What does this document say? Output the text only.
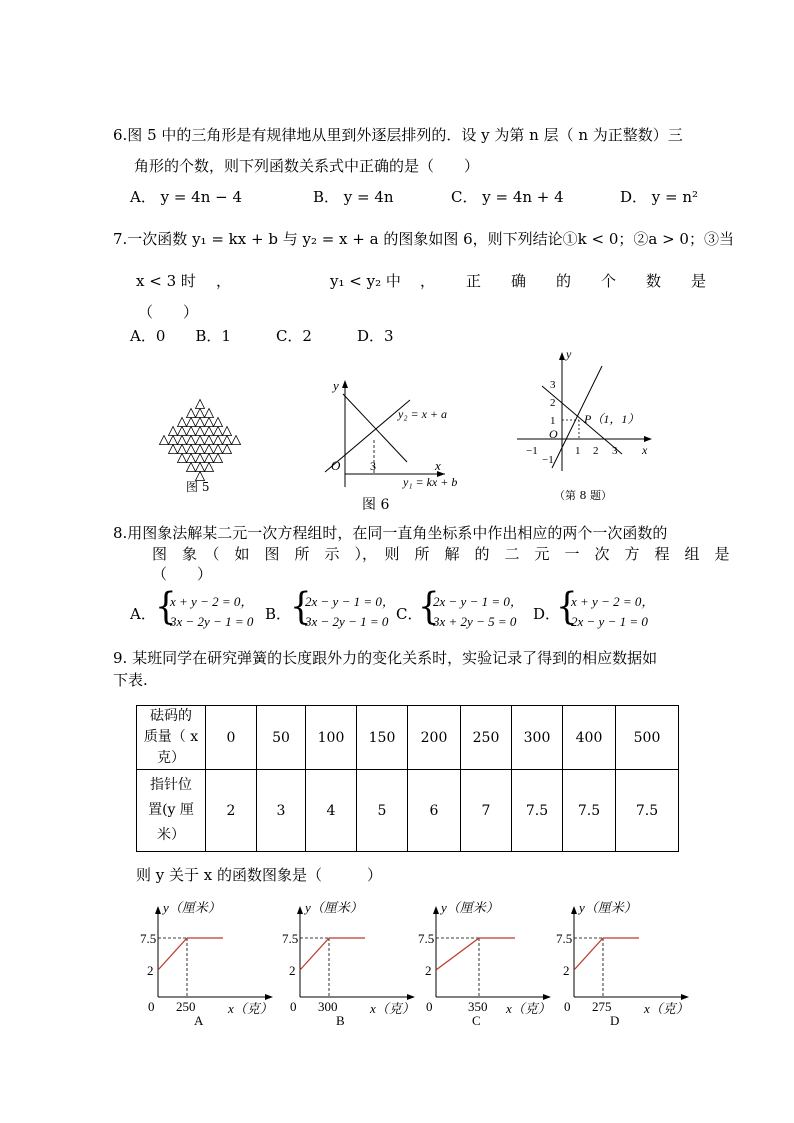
6.图 5 中的三角形是有规律地从里到外逐层排列的．设 y 为第 n 层（ n 为正整数）三
角形的个数，则下列函数关系式中正确的是（　　）
A． y = 4n − 4	B． y = 4n	C． y = 4n + 4	D． y = n²
7.一次函数 y₁ = kx + b 与 y₂ = x + a 的图象如图 6，则下列结论①k < 0；②a > 0；③当
x < 3 时 ，	y₁ < y₂ 中 ， 正　　确　　的　　个　　数　　是
（　　）
A．0　　B．1　　　C．2　　　D．3
图 5
y
x
O 3
y₂ = x + a
y₁ = kx + b
图 6
y
x
O
P（1，1）
−1	1 2 3
3
2
1
−1
（第 8 题）
8.用图象法解某二元一次方程组时，在同一直角坐标系中作出相应的两个一次函数的
图　象　（　如　图　所　示　），　则　所　解　的　二　元　一　次　方　程　组　是
（　　）
A． {
x + y − 2 = 0，
3x − 2y − 1 = 0 B．
{
2x − y − 1 = 0，
3x − 2y − 1 = 0 C．
{
2x − y − 1 = 0，
3x + 2y − 5 = 0	D．
{
x + y − 2 = 0，
2x − y − 1 = 0
9. 某班同学在研究弹簧的长度跟外力的变化关系时，实验记录了得到的相应数据如
下表.
砝码的
质量（ x
克）	0	50	100	150	200	250	300	400	500

指针位
置(y 厘
米）	2	3	4	5	6	7	7.5	7.5	7.5
则 y 关于 x 的函数图象是（　　　）
y（厘米）
7.5
2
0 250	x（克）
A
y（厘米）
7.5
2
0 300	x（克）
B
y（厘米）
7.5
2
0	350 x（克）
C
y（厘米）
7.5
2
0 275	x（克）
D
